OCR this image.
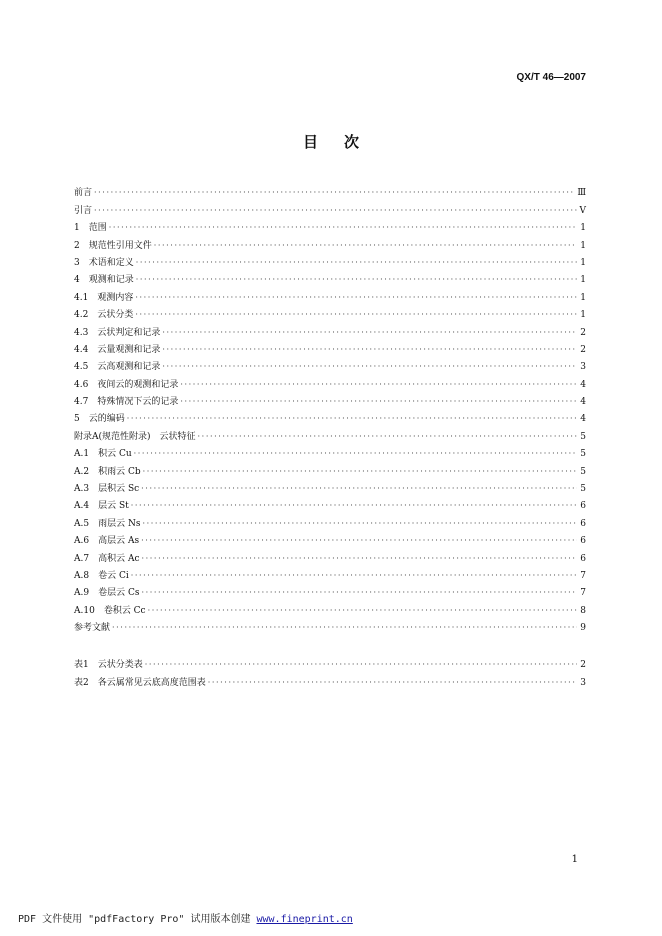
QX/T 46—2007
目次
前言 ·····	Ⅲ
引言 ·····	Ⅴ
1　范围 ·····	1
2　规范性引用文件 ·····	1
3　术语和定义 ·····	1
4　观测和记录 ·····	1
4.1　观测内容 ·····	1
4.2　云状分类 ·····	1
4.3　云状判定和记录 ·····	2
4.4　云量观测和记录 ·····	2
4.5　云高观测和记录 ·····	3
4.6　夜间云的观测和记录 ·····	4
4.7　特殊情况下云的记录 ·····	4
5　云的编码 ·····	4
附录A(规范性附录)　云状特征 ·····	5
A.1　积云 Cu ·····	5
A.2　积雨云 Cb ·····	5
A.3　层积云 Sc ·····	5
A.4　层云 St ·····	6
A.5　雨层云 Ns ·····	6
A.6　高层云 As ·····	6
A.7　高积云 Ac ·····	6
A.8　卷云 Ci ·····	7
A.9　卷层云 Cs ·····	7
A.10　卷积云 Cc ·····	8
参考文献 ·····	9
表1　云状分类表 ·····	2
表2　各云属常见云底高度范围表 ·····	3
1
PDF 文件使用 "pdfFactory Pro" 试用版本创建 www.fineprint.cn
